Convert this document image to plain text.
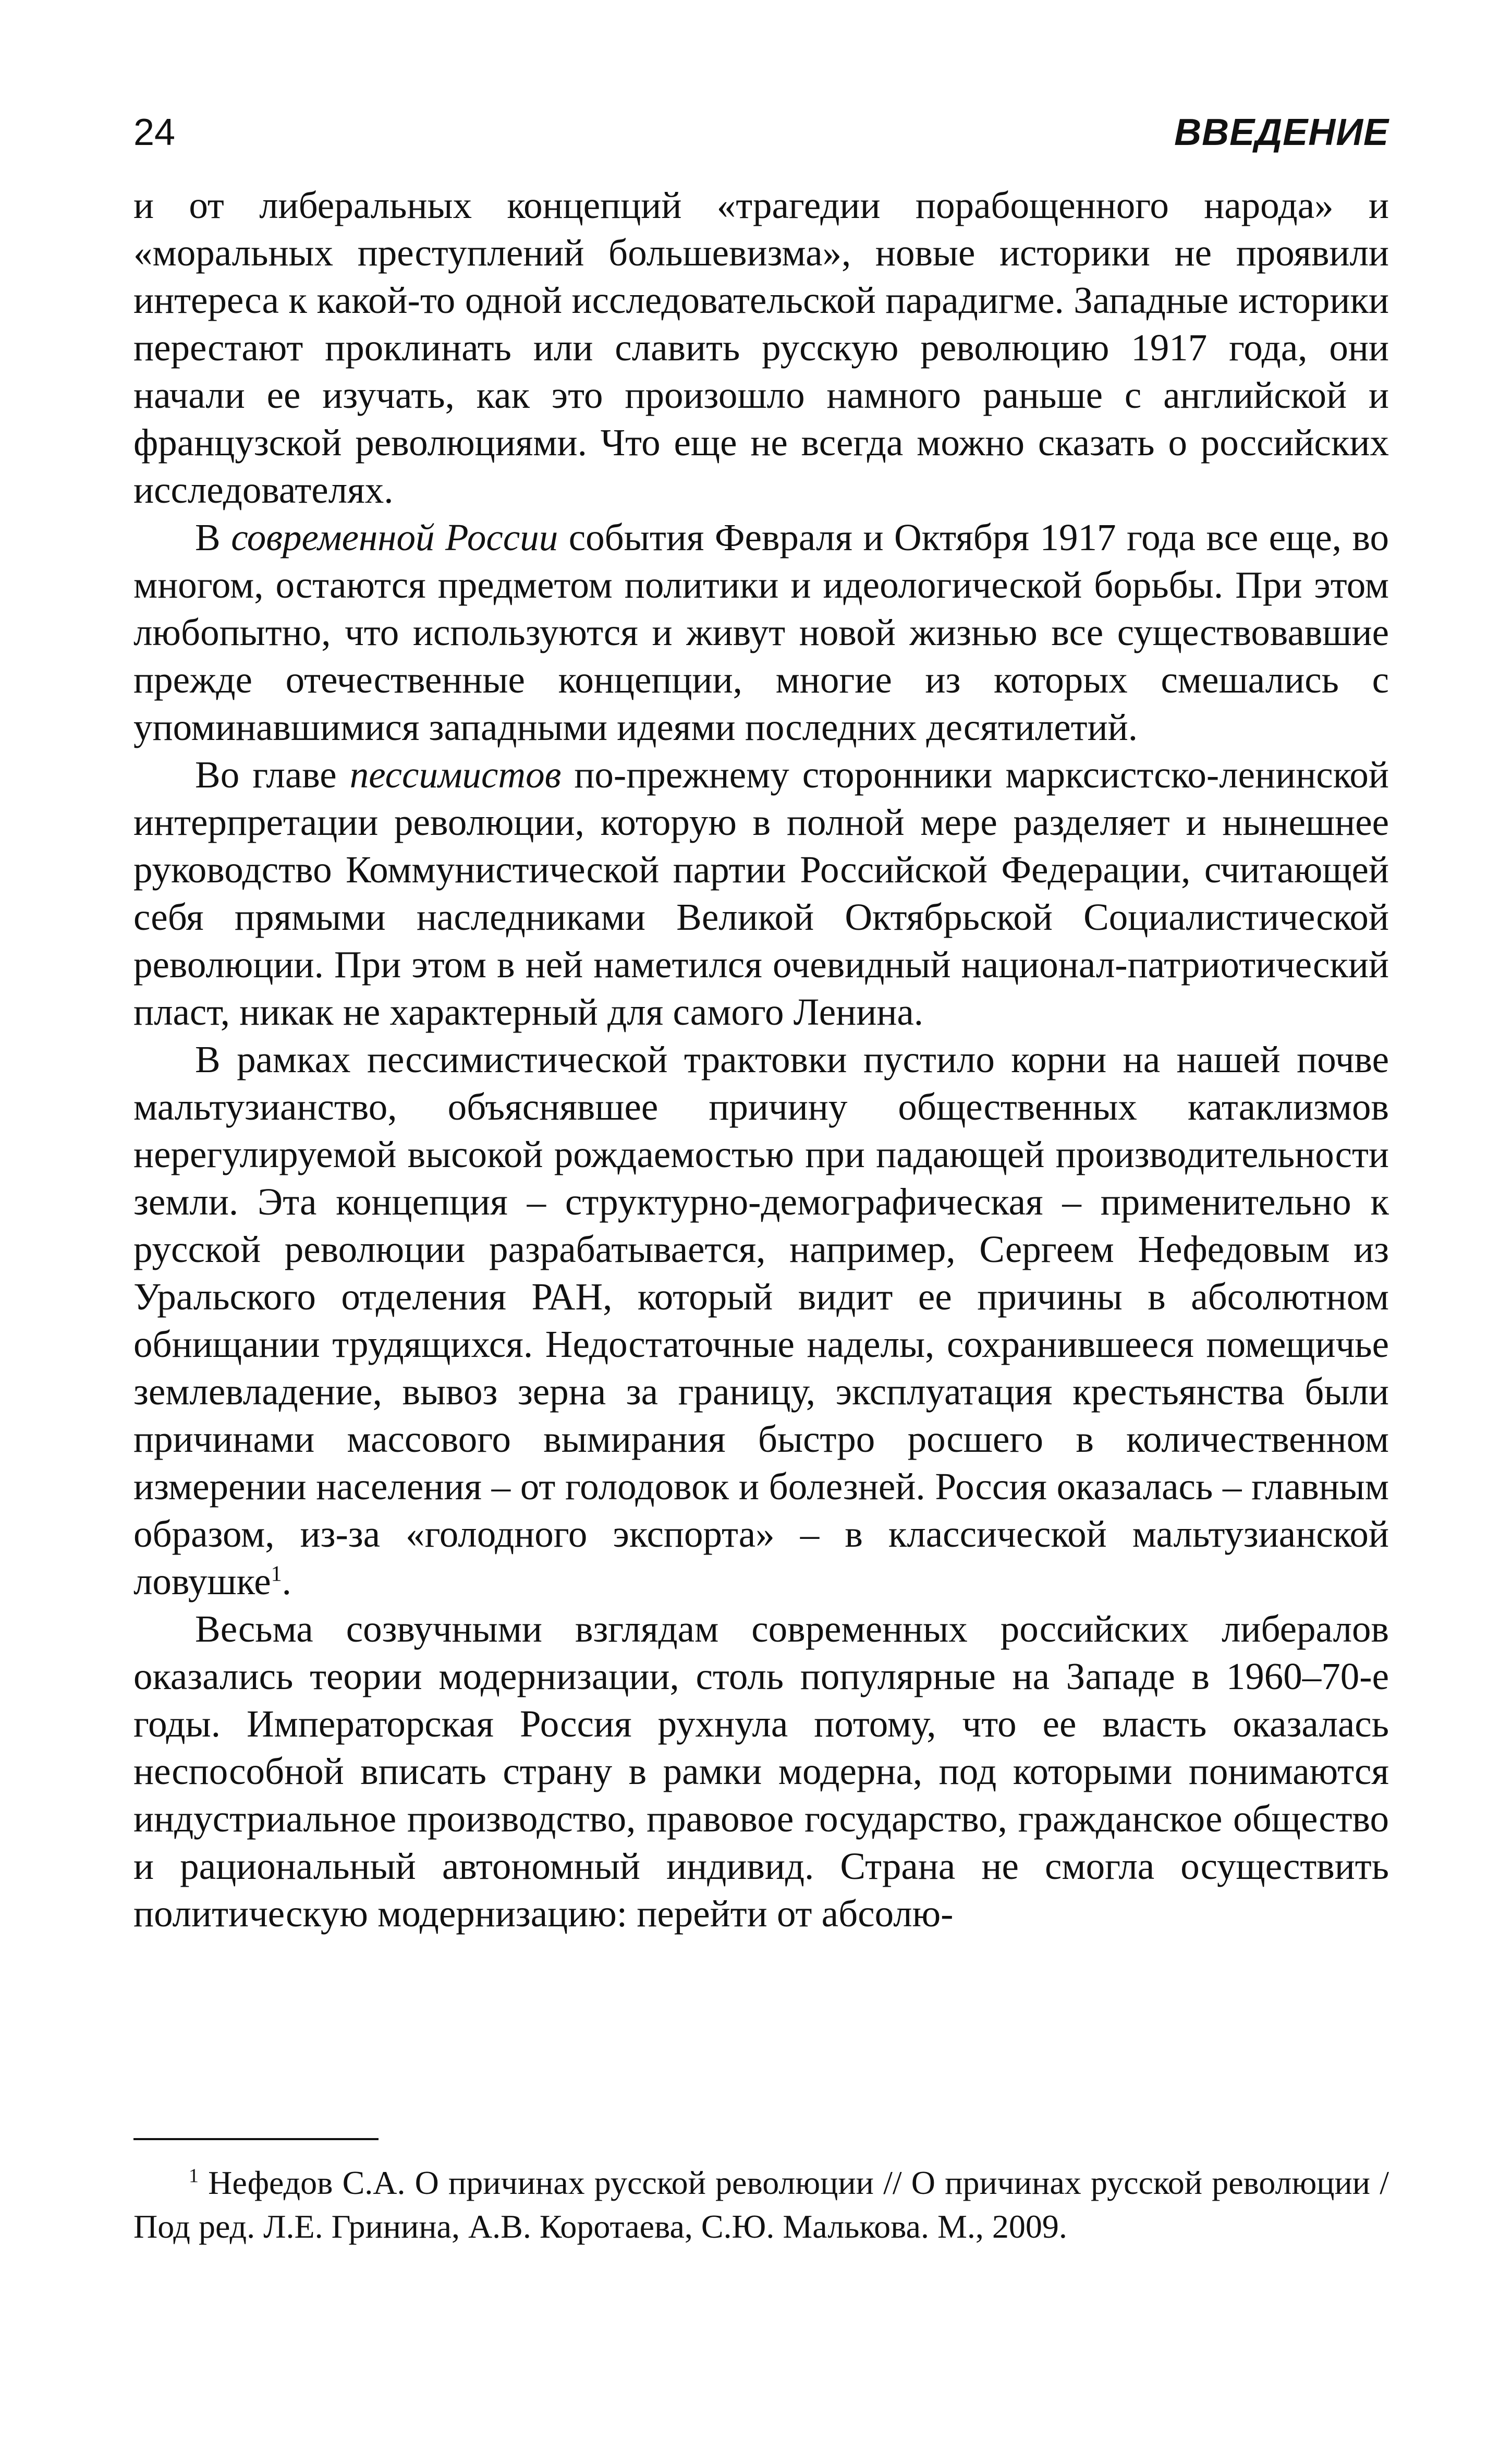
24	ВВЕДЕНИЕ

и от либеральных концепций «трагедии порабощенного народа» и «моральных преступлений большевизма», новые историки не проявили интереса к какой-то одной исследовательской парадигме. Западные историки перестают проклинать или славить русскую революцию 1917 года, они начали ее изучать, как это произошло намного раньше с английской и французской революциями. Что еще не всегда можно сказать о российских исследователях.

В современной России события Февраля и Октября 1917 года все еще, во многом, остаются предметом политики и идеологической борьбы. При этом любопытно, что используются и живут новой жизнью все существовавшие прежде отечественные концепции, многие из которых смешались с упоминавшимися западными идеями последних десятилетий.

Во главе пессимистов по-прежнему сторонники марксистско-ленинской интерпретации революции, которую в полной мере разделяет и нынешнее руководство Коммунистической партии Российской Федерации, считающей себя прямыми наследниками Великой Октябрьской Социалистической революции. При этом в ней наметился очевидный национал-патриотический пласт, никак не характерный для самого Ленина.

В рамках пессимистической трактовки пустило корни на нашей почве мальтузианство, объяснявшее причину общественных катаклизмов нерегулируемой высокой рождаемостью при падающей производительности земли. Эта концепция – структурно-демографическая – применительно к русской революции разрабатывается, например, Сергеем Нефедовым из Уральского отделения РАН, который видит ее причины в абсолютном обнищании трудящихся. Недостаточные наделы, сохранившееся помещичье землевладение, вывоз зерна за границу, эксплуатация крестьянства были причинами массового вымирания быстро росшего в количественном измерении населения – от голодовок и болезней. Россия оказалась – главным образом, из-за «голодного экспорта» – в классической мальтузианской ловушке$^1$.

Весьма созвучными взглядам современных российских либералов оказались теории модернизации, столь популярные на Западе в 1960–70-е годы. Императорская Россия рухнула потому, что ее власть оказалась неспособной вписать страну в рамки модерна, под которыми понимаются индустриальное производство, правовое государство, гражданское общество и рациональный автономный индивид. Страна не смогла осуществить политическую модернизацию: перейти от абсолю-

$^1$ Нефедов С.А. О причинах русской революции // О причинах русской революции / Под ред. Л.Е. Гринина, А.В. Коротаева, С.Ю. Малькова. М., 2009.
